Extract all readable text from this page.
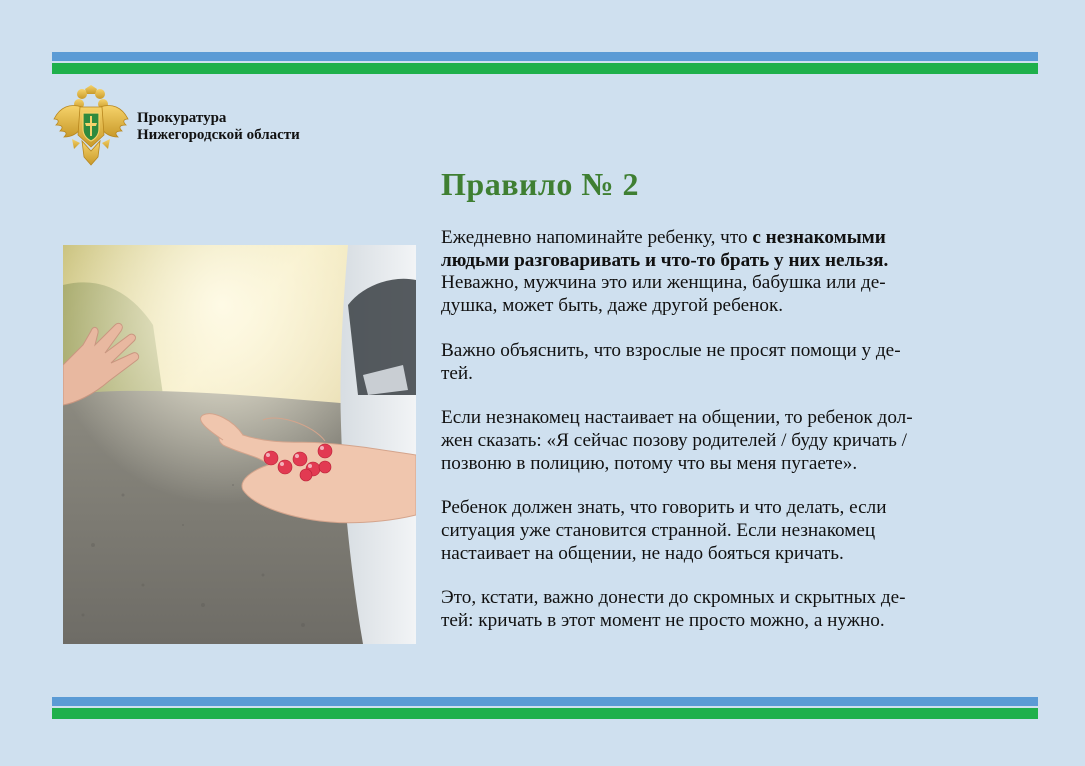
Прокуратура
Нижегородской области
Правило № 2

Ежедневно напоминайте ребенку, что с незнакомыми
людьми разговаривать и что-то брать у них нельзя.
Неважно, мужчина это или женщина, бабушка или де-
душка, может быть, даже другой ребенок.

Важно объяснить, что взрослые не просят помощи у де-
тей.

Если незнакомец настаивает на общении, то ребенок дол-
жен сказать: «Я сейчас позову родителей / буду кричать /
позвоню в полицию, потому что вы меня пугаете».

Ребенок должен знать, что говорить и что делать, если
ситуация уже становится странной. Если незнакомец
настаивает на общении, не надо бояться кричать.

Это, кстати, важно донести до скромных и скрытных де-
тей: кричать в этот момент не просто можно, а нужно.
